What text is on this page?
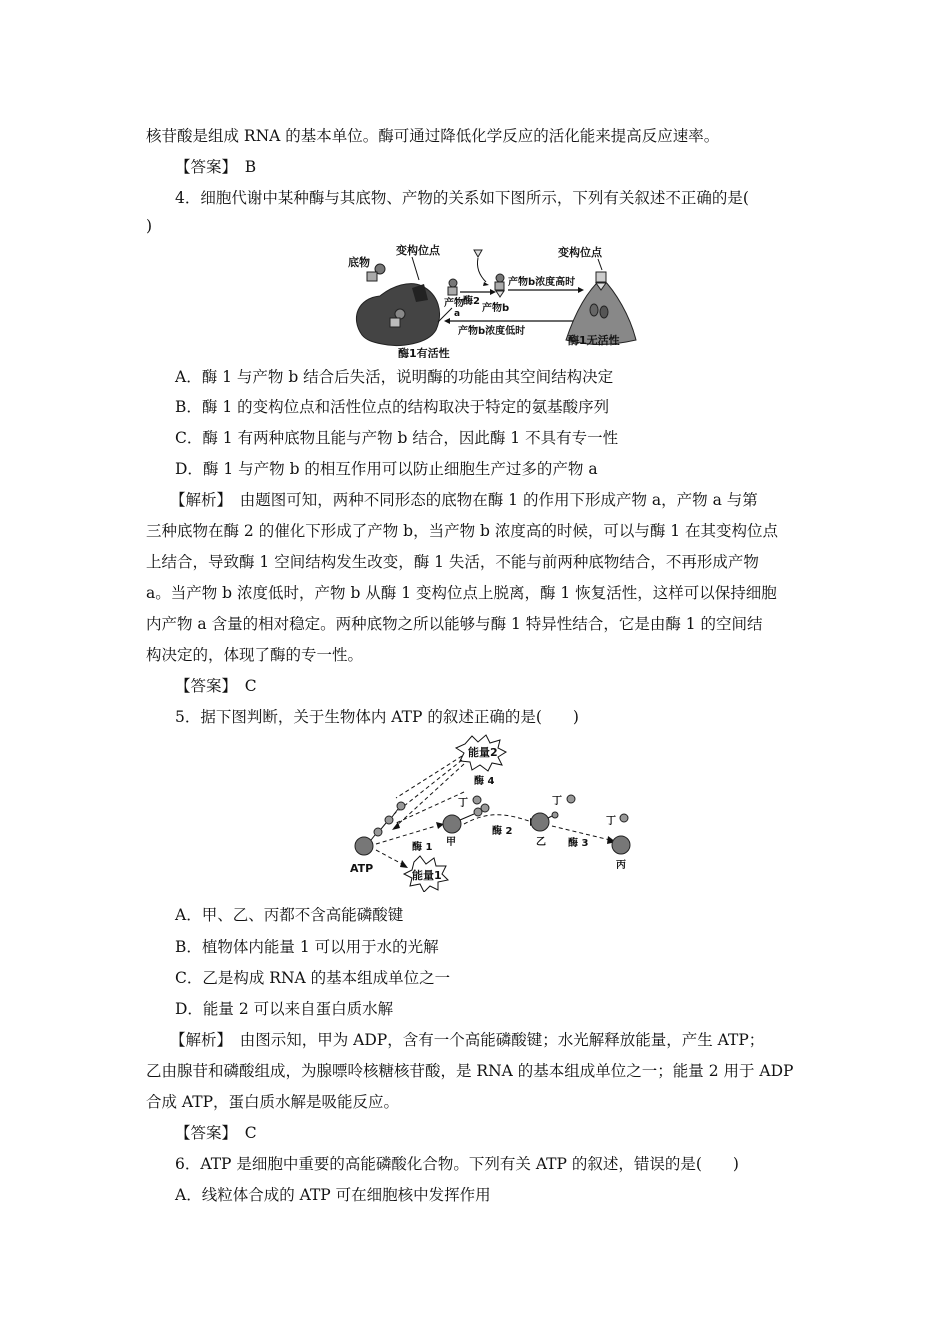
核苷酸是组成 RNA 的基本单位。酶可通过降低化学反应的活化能来提高反应速率。
【答案】　B
4．细胞代谢中某种酶与其底物、产物的关系如下图所示，下列有关叙述不正确的是(
)
底物
变构位点
酶1有活性
产物
a
酶2
产物b
产物b浓度高时
产物b浓度低时
变构位点
酶1无活性
A．酶 1 与产物 b 结合后失活，说明酶的功能由其空间结构决定
B．酶 1 的变构位点和活性位点的结构取决于特定的氨基酸序列
C．酶 1 有两种底物且能与产物 b 结合，因此酶 1 不具有专一性
D．酶 1 与产物 b 的相互作用可以防止细胞生产过多的产物 a
【解析】　由题图可知，两种不同形态的底物在酶 1 的作用下形成产物 a，产物 a 与第
三种底物在酶 2 的催化下形成了产物 b，当产物 b 浓度高的时候，可以与酶 1 在其变构位点
上结合，导致酶 1 空间结构发生改变，酶 1 失活，不能与前两种底物结合，不再形成产物
a。当产物 b 浓度低时，产物 b 从酶 1 变构位点上脱离，酶 1 恢复活性，这样可以保持细胞
内产物 a 含量的相对稳定。两种底物之所以能够与酶 1 特异性结合，它是由酶 1 的空间结
构决定的，体现了酶的专一性。
【答案】　C
5．据下图判断，关于生物体内 ATP 的叙述正确的是(　　)
能量2
酶 4
丁
ATP
酶 1
能量1
甲
酶 2
丁
乙 酶 3
丁
丙
A．甲、乙、丙都不含高能磷酸键
B．植物体内能量 1 可以用于水的光解
C．乙是构成 RNA 的基本组成单位之一
D．能量 2 可以来自蛋白质水解
【解析】　由图示知，甲为 ADP，含有一个高能磷酸键；水光解释放能量，产生 ATP；
乙由腺苷和磷酸组成，为腺嘌呤核糖核苷酸，是 RNA 的基本组成单位之一；能量 2 用于 ADP
合成 ATP，蛋白质水解是吸能反应。
【答案】　C
6．ATP 是细胞中重要的高能磷酸化合物。下列有关 ATP 的叙述，错误的是(　　)
A．线粒体合成的 ATP 可在细胞核中发挥作用
